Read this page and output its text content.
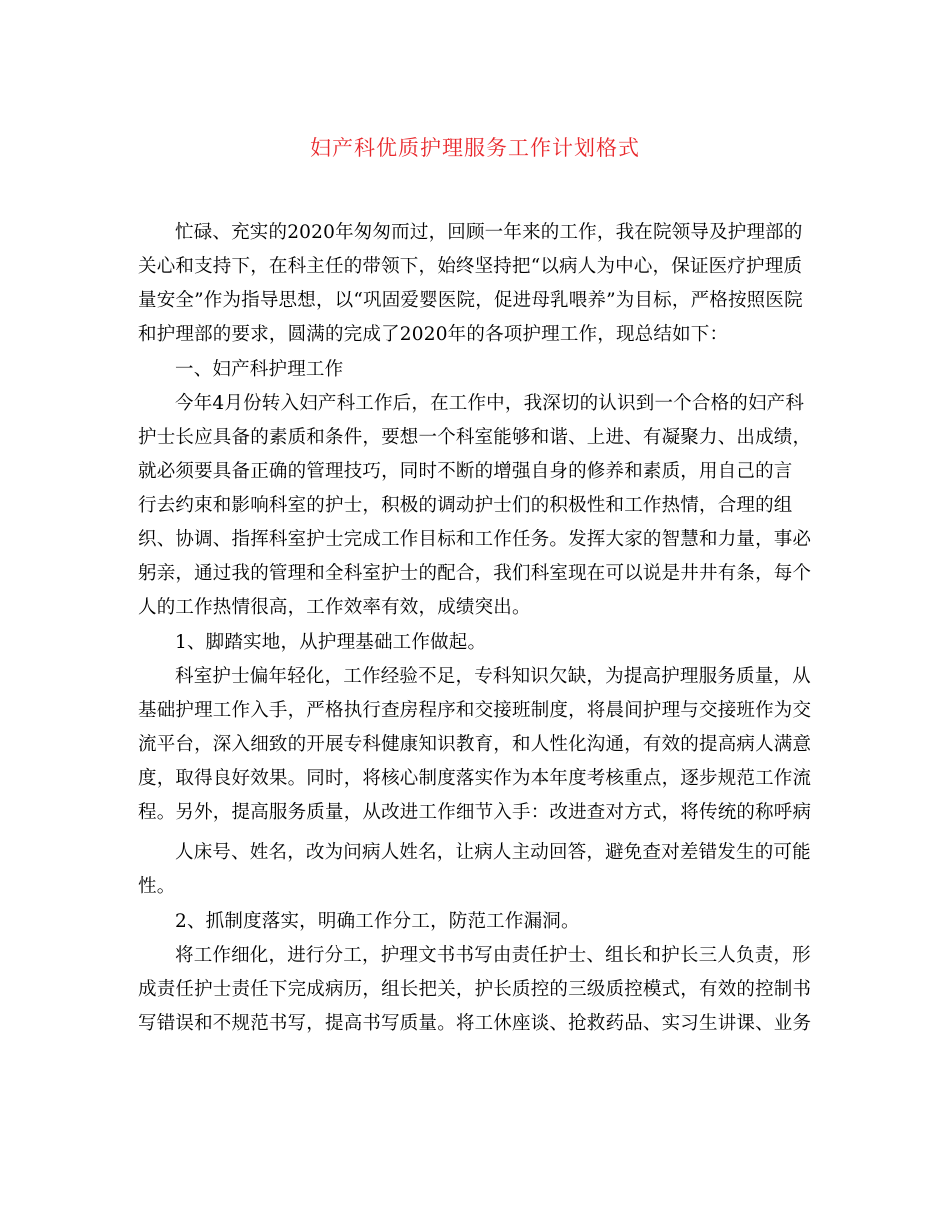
妇产科优质护理服务工作计划格式
忙碌、充实的2020年匆匆而过，回顾一年来的工作，我在院领导及护理部的
关心和支持下，在科主任的带领下，始终坚持把“以病人为中心，保证医疗护理质
量安全”作为指导思想，以“巩固爱婴医院，促进母乳喂养”为目标，严格按照医院
和护理部的要求，圆满的完成了2020年的各项护理工作，现总结如下：
一、妇产科护理工作
今年4月份转入妇产科工作后，在工作中，我深切的认识到一个合格的妇产科
护士长应具备的素质和条件，要想一个科室能够和谐、上进、有凝聚力、出成绩，
就必须要具备正确的管理技巧，同时不断的增强自身的修养和素质，用自己的言
行去约束和影响科室的护士，积极的调动护士们的积极性和工作热情，合理的组
织、协调、指挥科室护士完成工作目标和工作任务。发挥大家的智慧和力量，事必
躬亲，通过我的管理和全科室护士的配合，我们科室现在可以说是井井有条，每个
人的工作热情很高，工作效率有效，成绩突出。
1、脚踏实地，从护理基础工作做起。
科室护士偏年轻化，工作经验不足，专科知识欠缺，为提高护理服务质量，从
基础护理工作入手，严格执行查房程序和交接班制度，将晨间护理与交接班作为交
流平台，深入细致的开展专科健康知识教育，和人性化沟通，有效的提高病人满意
度，取得良好效果。同时，将核心制度落实作为本年度考核重点，逐步规范工作流
程。另外，提高服务质量，从改进工作细节入手：改进查对方式，将传统的称呼病
人床号、姓名，改为问病人姓名，让病人主动回答，避免查对差错发生的可能
性。
2、抓制度落实，明确工作分工，防范工作漏洞。
将工作细化，进行分工，护理文书书写由责任护士、组长和护长三人负责，形
成责任护士责任下完成病历，组长把关，护长质控的三级质控模式，有效的控制书
写错误和不规范书写，提高书写质量。将工休座谈、抢救药品、实习生讲课、业务
